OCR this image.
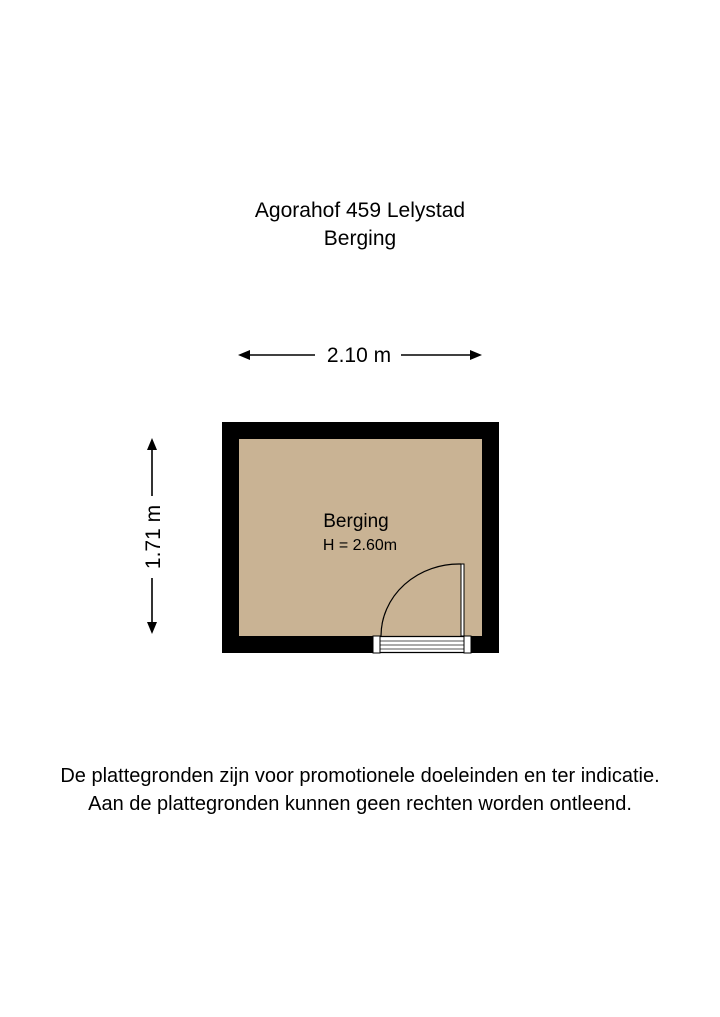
Agorahof 459 Lelystad
Berging
2.10 m
1.71 m	Berging
H = 2.60m
De plattegronden zijn voor promotionele doeleinden en ter indicatie.
Aan de plattegronden kunnen geen rechten worden ontleend.
